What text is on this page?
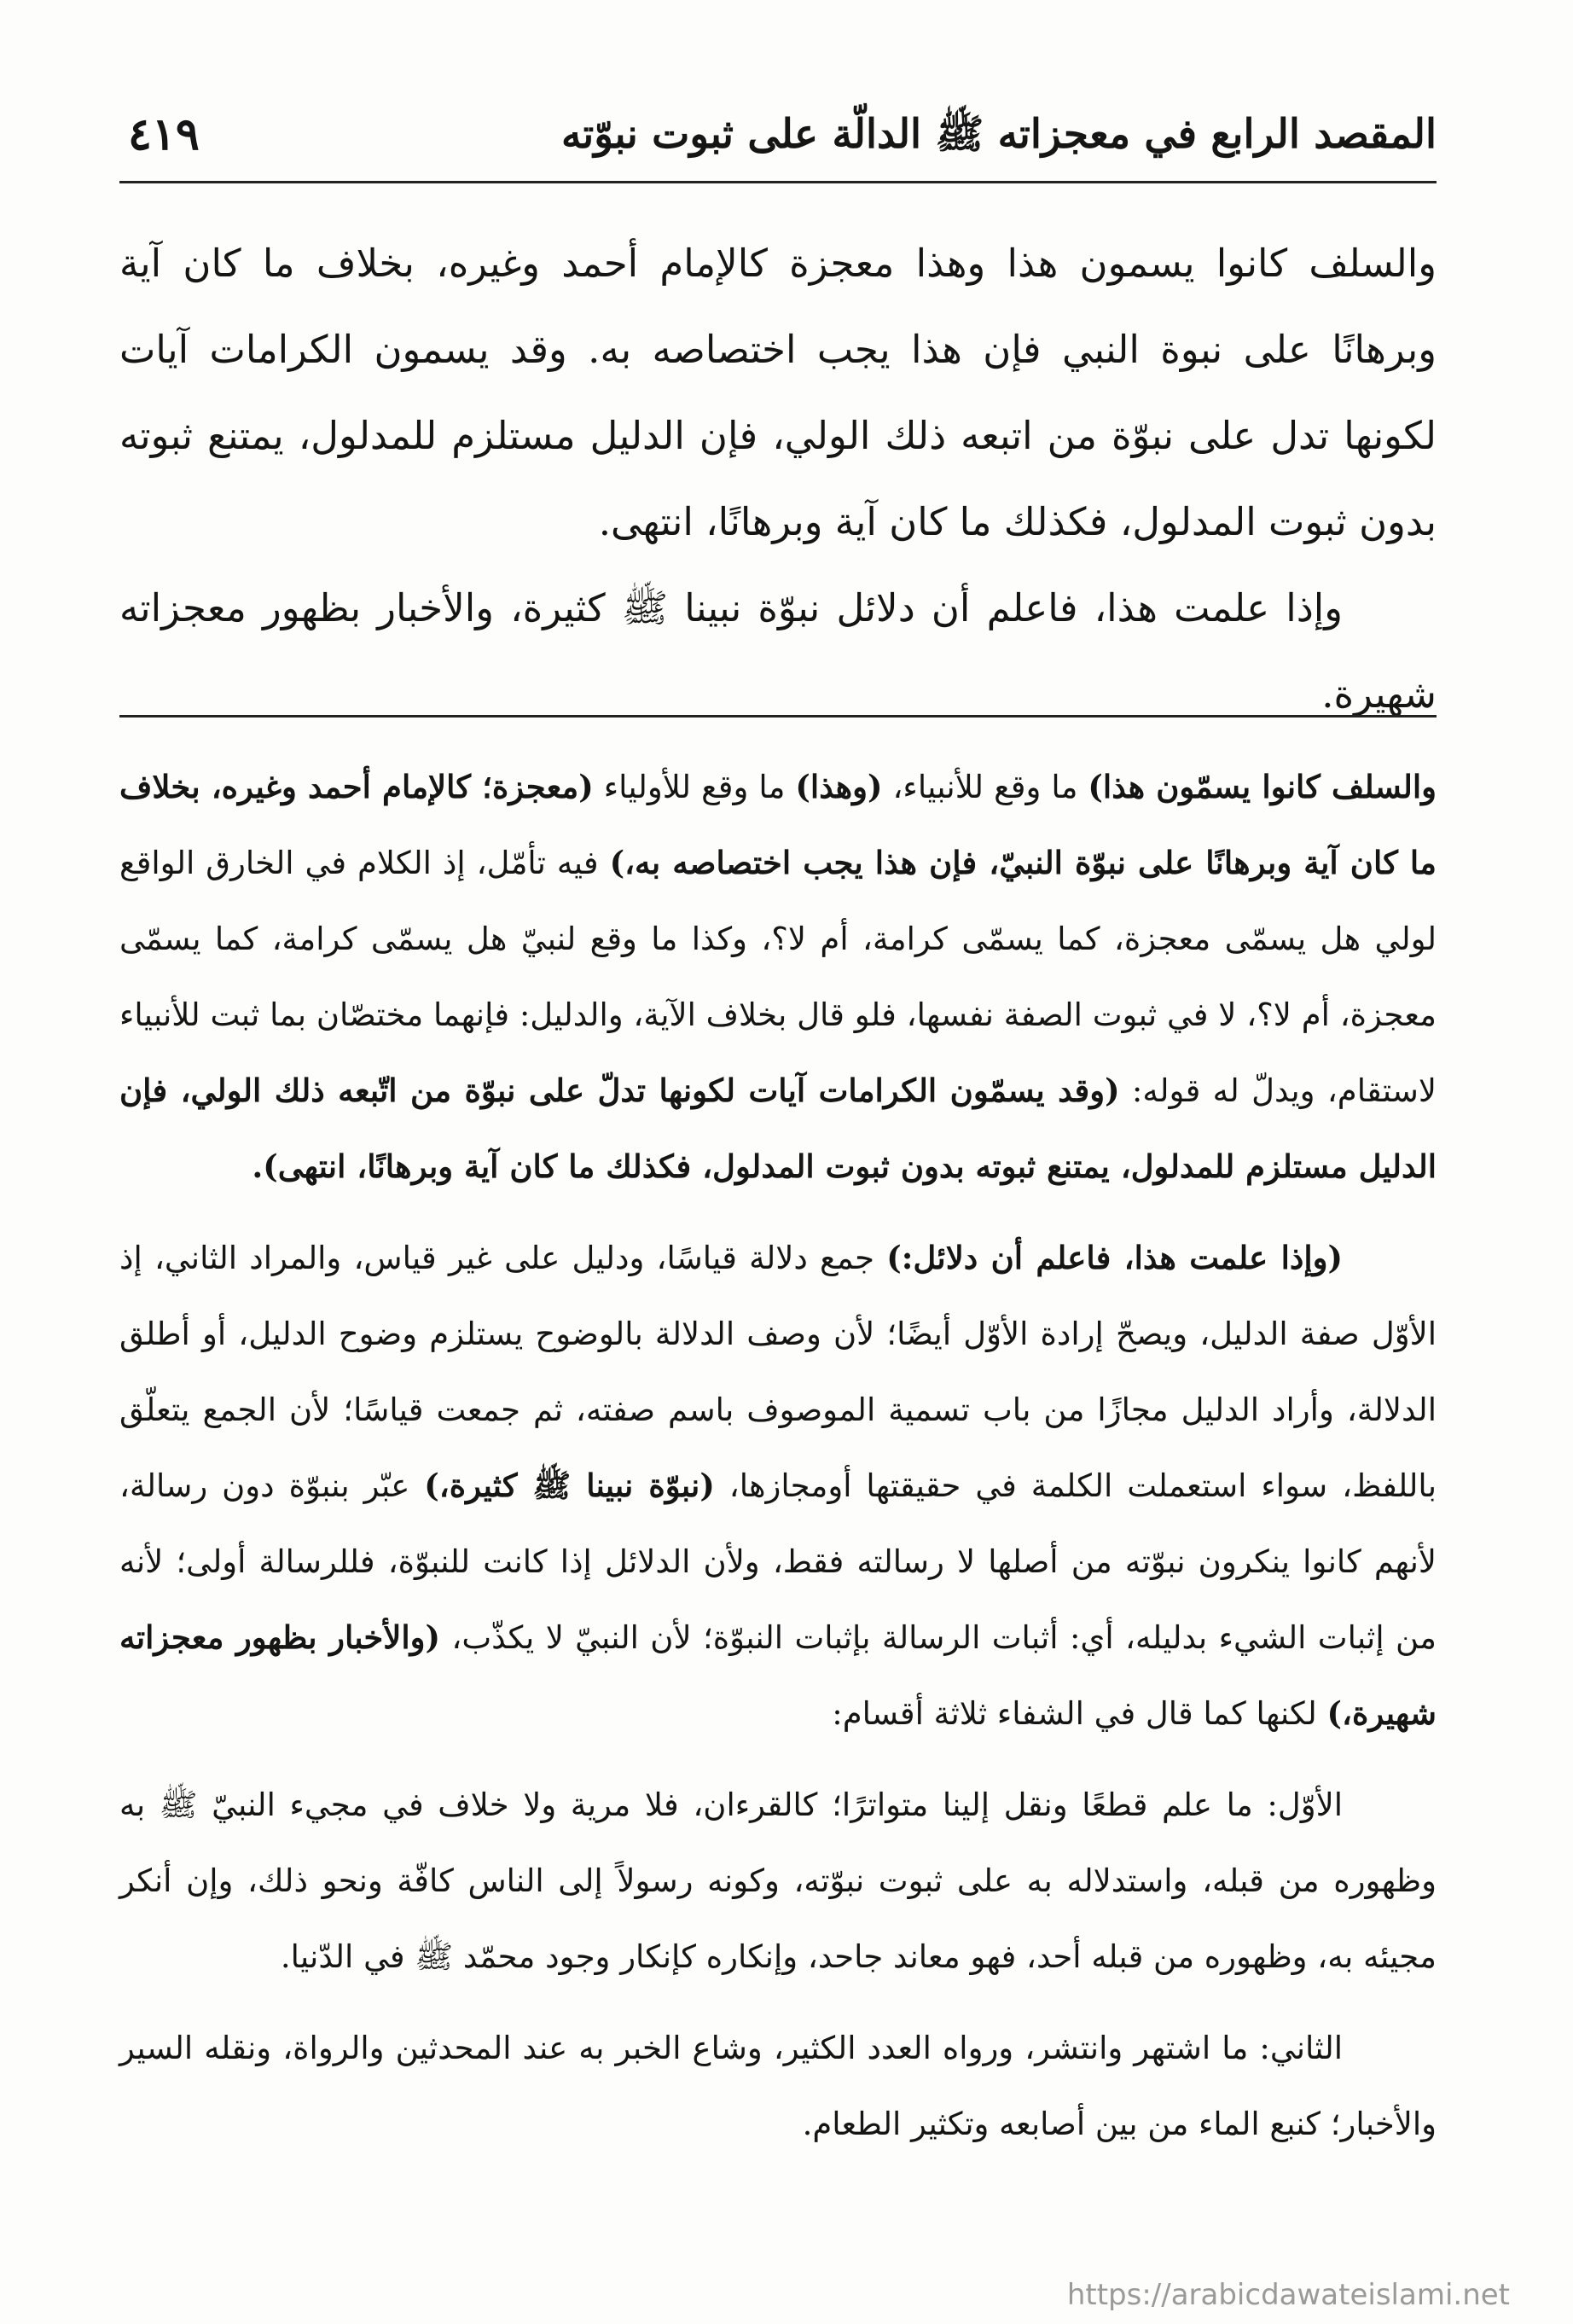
المقصد الرابع في معجزاته ﷺ الدالّة على ثبوت نبوّته
٤١٩

والسلف كانوا يسمون هذا وهذا معجزة كالإمام أحمد وغيره، بخلاف ما كان آية وبرهانًا على نبوة النبي فإن هذا يجب اختصاصه به. وقد يسمون الكرامات آيات لكونها تدل على نبوّة من اتبعه ذلك الولي، فإن الدليل مستلزم للمدلول، يمتنع ثبوته بدون ثبوت المدلول، فكذلك ما كان آية وبرهانًا، انتهى.

وإذا علمت هذا، فاعلم أن دلائل نبوّة نبينا ﷺ كثيرة، والأخبار بظهور معجزاته شهيرة.

والسلف كانوا يسمّون هذا) ما وقع للأنبياء، (وهذا) ما وقع للأولياء (معجزة؛ كالإمام أحمد وغيره، بخلاف ما كان آية وبرهانًا على نبوّة النبيّ، فإن هذا يجب اختصاصه به،) فيه تأمّل، إذ الكلام في الخارق الواقع لولي هل يسمّى معجزة، كما يسمّى كرامة، أم لا؟، وكذا ما وقع لنبيّ هل يسمّى كرامة، كما يسمّى معجزة، أم لا؟، لا في ثبوت الصفة نفسها، فلو قال بخلاف الآية، والدليل: فإنهما مختصّان بما ثبت للأنبياء لاستقام، ويدلّ له قوله: (وقد يسمّون الكرامات آيات لكونها تدلّ على نبوّة من اتّبعه ذلك الولي، فإن الدليل مستلزم للمدلول، يمتنع ثبوته بدون ثبوت المدلول، فكذلك ما كان آية وبرهانًا، انتهى).

(وإذا علمت هذا، فاعلم أن دلائل:) جمع دلالة قياسًا، ودليل على غير قياس، والمراد الثاني، إذ الأوّل صفة الدليل، ويصحّ إرادة الأوّل أيضًا؛ لأن وصف الدلالة بالوضوح يستلزم وضوح الدليل، أو أطلق الدلالة، وأراد الدليل مجازًا من باب تسمية الموصوف باسم صفته، ثم جمعت قياسًا؛ لأن الجمع يتعلّق باللفظ، سواء استعملت الكلمة في حقيقتها أومجازها، (نبوّة نبينا ﷺ كثيرة،) عبّر بنبوّة دون رسالة، لأنهم كانوا ينكرون نبوّته من أصلها لا رسالته فقط، ولأن الدلائل إذا كانت للنبوّة، فللرسالة أولى؛ لأنه من إثبات الشيء بدليله، أي: أثبات الرسالة بإثبات النبوّة؛ لأن النبيّ لا يكذّب، (والأخبار بظهور معجزاته شهيرة،) لكنها كما قال في الشفاء ثلاثة أقسام:

الأوّل: ما علم قطعًا ونقل إلينا متواترًا؛ كالقرءان، فلا مرية ولا خلاف في مجيء النبيّ ﷺ به وظهوره من قبله، واستدلاله به على ثبوت نبوّته، وكونه رسولاً إلى الناس كافّة ونحو ذلك، وإن أنكر مجيئه به، وظهوره من قبله أحد، فهو معاند جاحد، وإنكاره كإنكار وجود محمّد ﷺ في الدّنيا.

الثاني: ما اشتهر وانتشر، ورواه العدد الكثير، وشاع الخبر به عند المحدثين والرواة، ونقله السير والأخبار؛ كنبع الماء من بين أصابعه وتكثير الطعام.

https://arabicdawateislami.net
